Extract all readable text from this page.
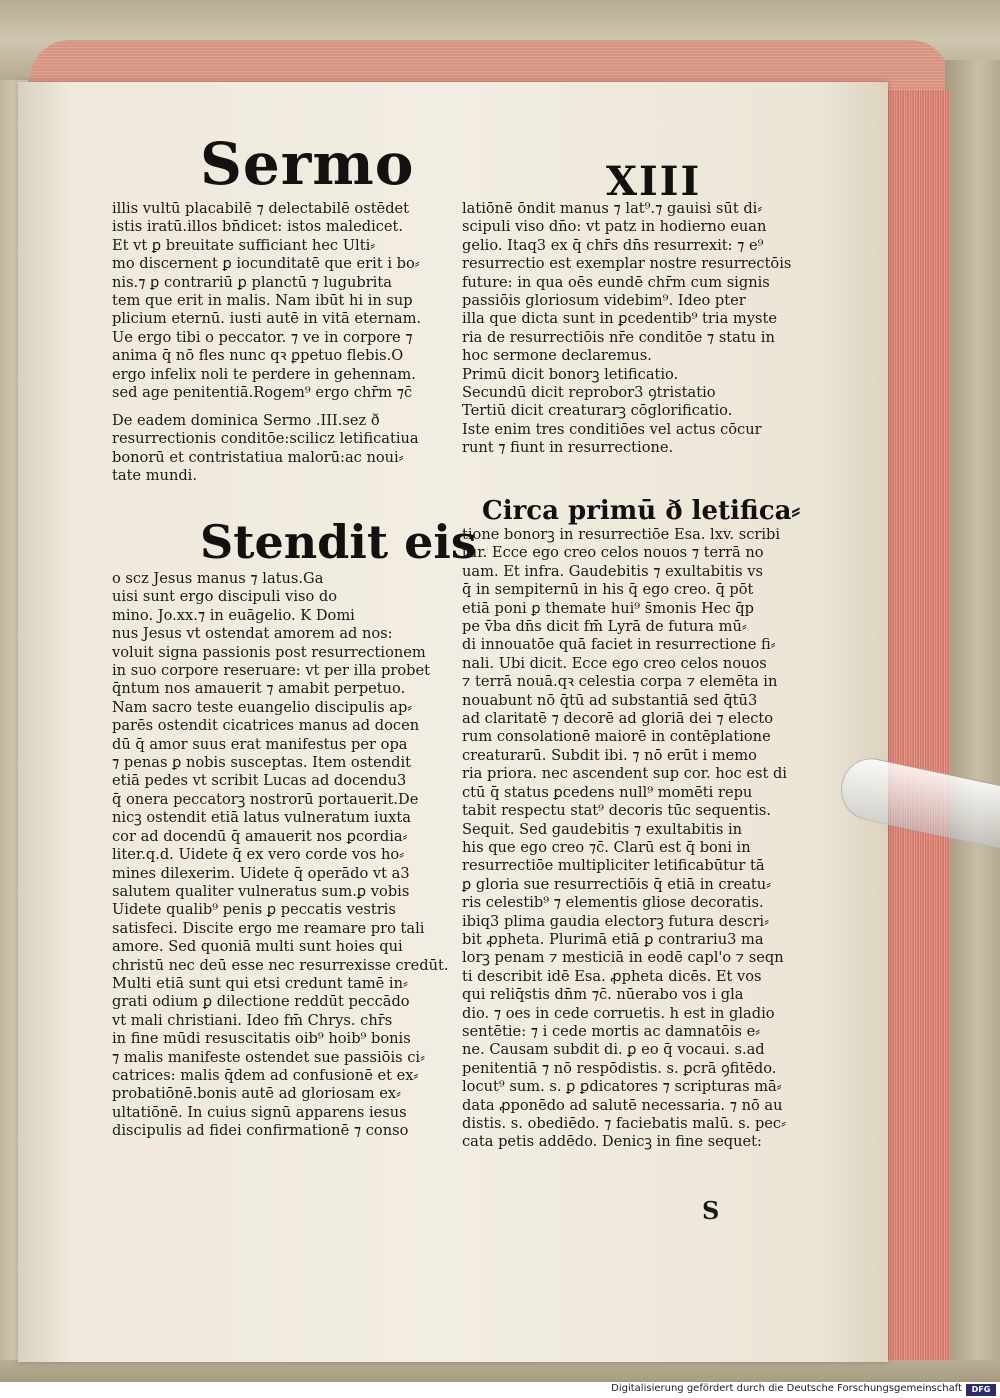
Sermo	XIII
illis vultū placabilē ⁊ delectabilē ostēdet
istis iratū.illos bn̄dicet: istos maledicet.
Et vt ꝑ breuitate sufficiant hec Ulti⸗
mo discernent ꝑ iocunditatē que erit i bo⸗
nis.⁊ ꝑ contrariū ꝑ planctū ⁊ lugubrita
tem que erit in malis. Nam ibūt hi in sup
plicium eternū. iusti autē in vitā eternam.
Ue ergo tibi o peccator. ⁊ ve in corpore ⁊
anima q̄ nō fles nunc qꝛ ꝑpetuo flebis.O
ergo infelix noli te perdere in gehennam.
sed age penitentiā.Rogem⁹ ergo chr̄m ⁊c̄
latiōnē ōndit manus ⁊ lat⁹.⁊ gauisi sūt di⸗
scipuli viso dn̄o: vt patz in hodierno euan
gelio. Itaq3 ex q̄ chr̄s dn̄s resurrexit: ⁊ e⁹
resurrectio est exemplar nostre resurrectōis
future: in qua oēs eundē chr̄m cum signis
passiōis gloriosum videbim⁹. Ideo pter
illa que dicta sunt in ꝑcedentib⁹ tria myste
ria de resurrectiōis nr̄e conditōe ⁊ statu in
hoc sermone declaremus.
Primū dicit bonorꝫ letificatio.
Secundū dicit reprobor3 ꝯtristatio
Tertiū dicit creaturarꝫ cōglorificatio.
Iste enim tres conditiōes vel actus cōcur
runt ⁊ fiunt in resurrectione.
De eadem dominica Sermo .III.sez ð
resurrectionis conditōe:scilicz letificatiua
bonorū et contristatiua malorū:ac noui⸗
tate mundi.
Stendit eis
o scz Jesus manus ⁊ latus.Ga
uisi sunt ergo discipuli viso do
mino. Jo.xx.⁊ in euāgelio. K Domi
nus Jesus vt ostendat amorem ad nos:
voluit signa passionis post resurrectionem
in suo corpore reseruare: vt per illa probet
q̄ntum nos amauerit ⁊ amabit perpetuo.
Nam sacro teste euangelio discipulis ap⸗
parēs ostendit cicatrices manus ad docen
dū q̄ amor suus erat manifestus per opa
⁊ penas ꝑ nobis susceptas. Item ostendit
etiā pedes vt scribit Lucas ad docendu3
q̄ onera peccatorꝫ nostrorū portauerit.De
nicꝫ ostendit etiā latus vulneratum iuxta
cor ad docendū q̄ amauerit nos ꝑcordia⸗
liter.q.d. Uidete q̄ ex vero corde vos ho⸗
mines dilexerim. Uidete q̄ operādo vt a3
salutem qualiter vulneratus sum.ꝑ vobis
Uidete qualib⁹ penis ꝑ peccatis vestris
satisfeci. Discite ergo me reamare pro tali
amore. Sed quoniā multi sunt hoies qui
christū nec deū esse nec resurrexisse credūt.
Multi etiā sunt qui etsi credunt tamē in⸗
grati odium ꝑ dilectione reddūt peccādo
vt mali christiani. Ideo fm̄ Chrys. chr̄s
in fine mūdi resuscitatis oib⁹ hoib⁹ bonis
⁊ malis manifeste ostendet sue passiōis ci⸗
catrices: malis q̄dem ad confusionē et ex⸗
probatiōnē.bonis autē ad gloriosam ex⸗
ultatiōnē. In cuius signū apparens iesus
discipulis ad fidei confirmationē ⁊ conso
Circa primū ð letifica⸗
tione bonorꝫ in resurrectiōe Esa. lxv. scribi
tur. Ecce ego creo celos nouos ⁊ terrā no
uam. Et infra. Gaudebitis ⁊ exultabitis vs
q̄ in sempiternū in his q̄ ego creo. q̄ pōt
etiā poni ꝑ themate hui⁹ s̄monis Hec q̄p
pe v̄ba dn̄s dicit fm̄ Lyrā de futura mū⸗
di innouatōe quā faciet in resurrectione fi⸗
nali. Ubi dicit. Ecce ego creo celos nouos
⁊ terrā nouā.qꝛ celestia corpa ⁊ elemēta in
nouabunt nō q̄tū ad substantiā sed q̄tū3
ad claritatē ⁊ decorē ad gloriā dei ⁊ electo
rum consolationē maiorē in contēplatione
creaturarū. Subdit ibi. ⁊ nō erūt i memo
ria priora. nec ascendent sup cor. hoc est di
ctū q̄ status ꝑcedens null⁹ momēti repu
tabit respectu stat⁹ decoris tūc sequentis.
Sequit. Sed gaudebitis ⁊ exultabitis in
his que ego creo ⁊c̄. Clarū est q̄ boni in
resurrectiōe multipliciter letificabūtur tā
ꝑ gloria sue resurrectiōis q̄ etiā in creatu⸗
ris celestib⁹ ⁊ elementis gliose decoratis.
ibiq3 plima gaudia electorꝫ futura descri⸗
bit ꝓpheta. Plurimā etiā ꝑ contrariu3 ma
lorꝫ penam ⁊ mesticiā in eodē capl'o ⁊ seqn
ti describit idē Esa. ꝓpheta dicēs. Et vos
qui reliq̄stis dn̄m ⁊c̄. nūerabo vos i gla
dio. ⁊ oes in cede corruetis. h est in gladio
sentētie: ⁊ i cede mortis ac damnatōis e⸗
ne. Causam subdit di. ꝑ eo q̄ vocaui. s.ad
penitentiā ⁊ nō respōdistis. s. ꝑcrā ꝯfitēdo.
locut⁹ sum. s. ꝑ ꝑdicatores ⁊ scripturas mā⸗
data ꝓponēdo ad salutē necessaria. ⁊ nō au
distis. s. obediēdo. ⁊ faciebatis malū. s. pec⸗
cata petis addēdo. Denicꝫ in fine sequet:
S
Digitalisierung gefördert durch die Deutsche Forschungsgemeinschaft	DFG
